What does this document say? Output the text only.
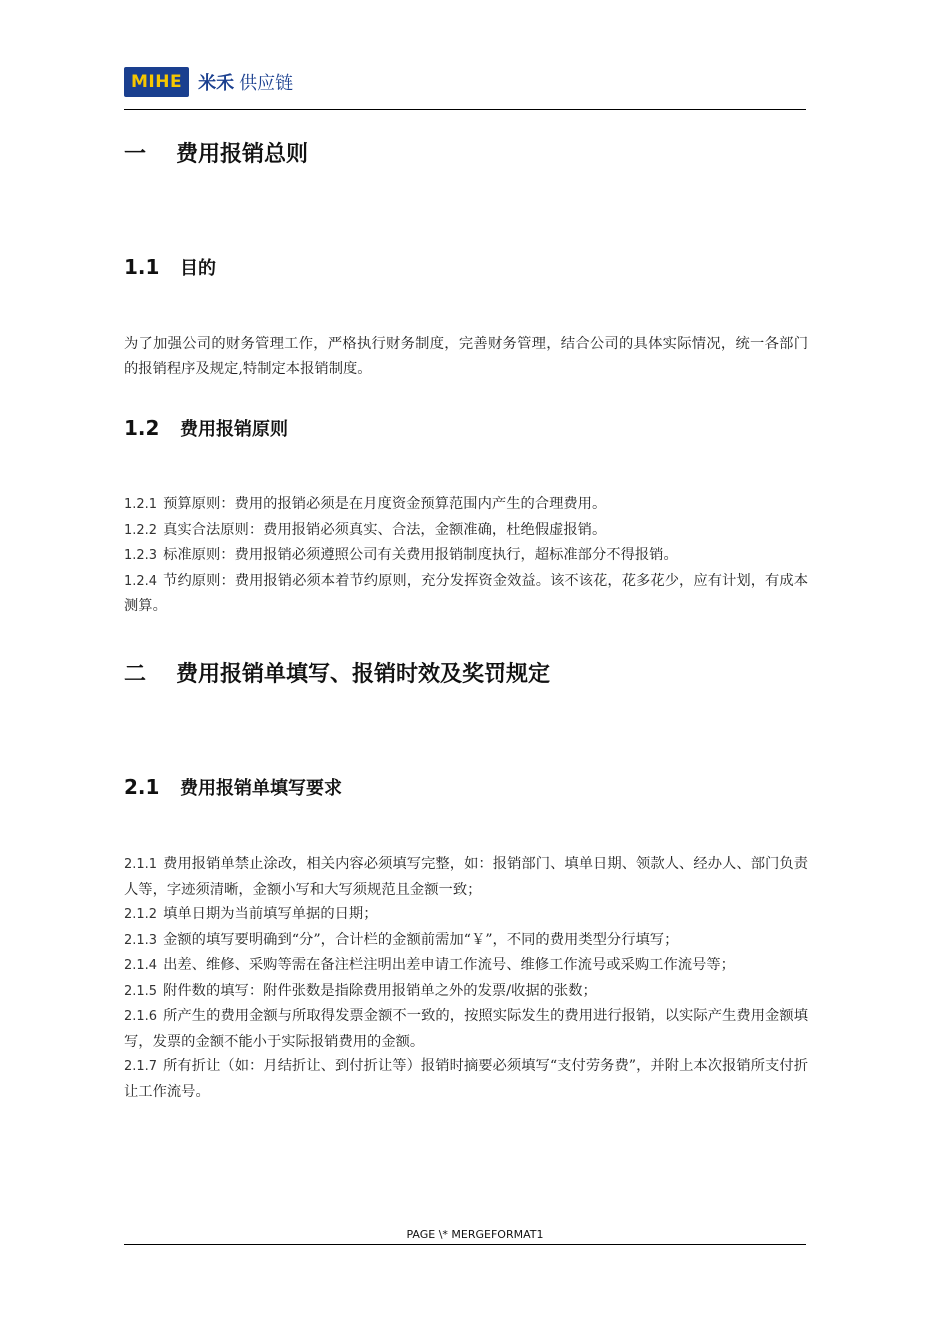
MIHE 米禾 供应链
一 费用报销总则
1.1 目的
为了加强公司的财务管理工作，严格执行财务制度，完善财务管理，结合公司的具体实际情况，统一各部门的报销程序及规定,特制定本报销制度。
1.2 费用报销原则
1.2.1 预算原则：费用的报销必须是在月度资金预算范围内产生的合理费用。
1.2.2 真实合法原则：费用报销必须真实、合法，金额准确，杜绝假虚报销。
1.2.3 标准原则：费用报销必须遵照公司有关费用报销制度执行，超标准部分不得报销。
1.2.4 节约原则：费用报销必须本着节约原则，充分发挥资金效益。该不该花，花多花少，应有计划，有成本测算。
二 费用报销单填写、报销时效及奖罚规定
2.1 费用报销单填写要求
2.1.1 费用报销单禁止涂改，相关内容必须填写完整，如：报销部门、填单日期、领款人、经办人、部门负责人等，字迹须清晰，金额小写和大写须规范且金额一致；
2.1.2 填单日期为当前填写单据的日期；
2.1.3 金额的填写要明确到“分”，合计栏的金额前需加“￥”，不同的费用类型分行填写；
2.1.4 出差、维修、采购等需在备注栏注明出差申请工作流号、维修工作流号或采购工作流号等；
2.1.5 附件数的填写：附件张数是指除费用报销单之外的发票/收据的张数；
2.1.6 所产生的费用金额与所取得发票金额不一致的，按照实际发生的费用进行报销，以实际产生费用金额填写，发票的金额不能小于实际报销费用的金额。
2.1.7 所有折让（如：月结折让、到付折让等）报销时摘要必须填写“支付劳务费”，并附上本次报销所支付折让工作流号。
PAGE \* MERGEFORMAT1
